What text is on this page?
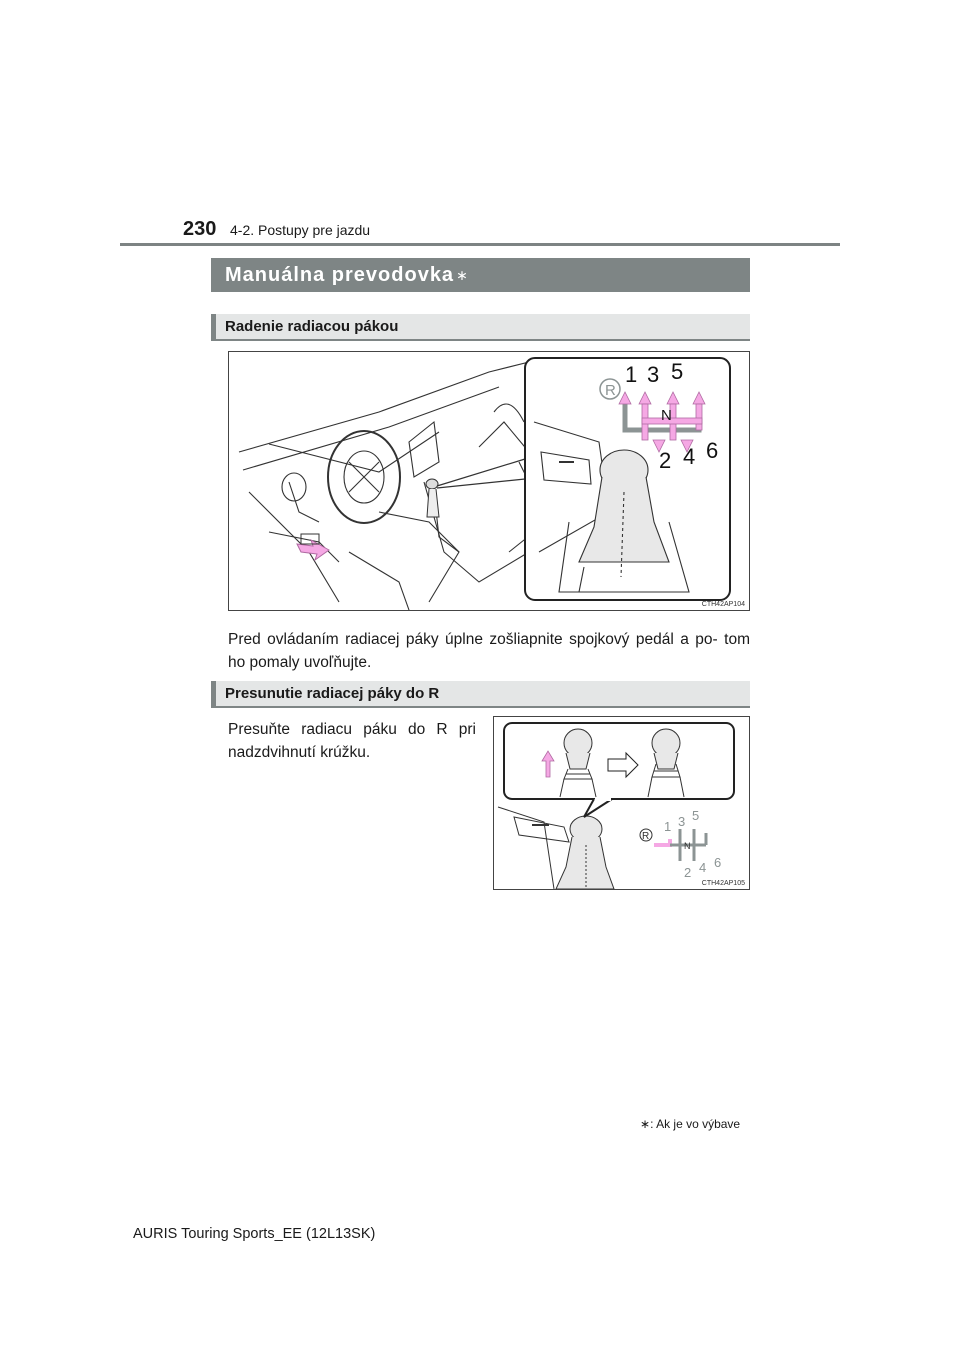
230 4-2. Postupy pre jazdu
Manuálna prevodovka ∗
Radenie radiacou pákou
R
1 3 5
N
2 4 6
CTH42AP104
Pred ovládaním radiacej páky úplne zošliapnite spojkový pedál a po- tom ho pomaly uvoľňujte.
Presunutie radiacej páky do R
Presuňte radiacu páku do R pri nadzdvihnutí krúžku.
R
1 3 5
N
2 4 6
CTH42AP105
∗: Ak je vo výbave
AURIS Touring Sports_EE (12L13SK)
